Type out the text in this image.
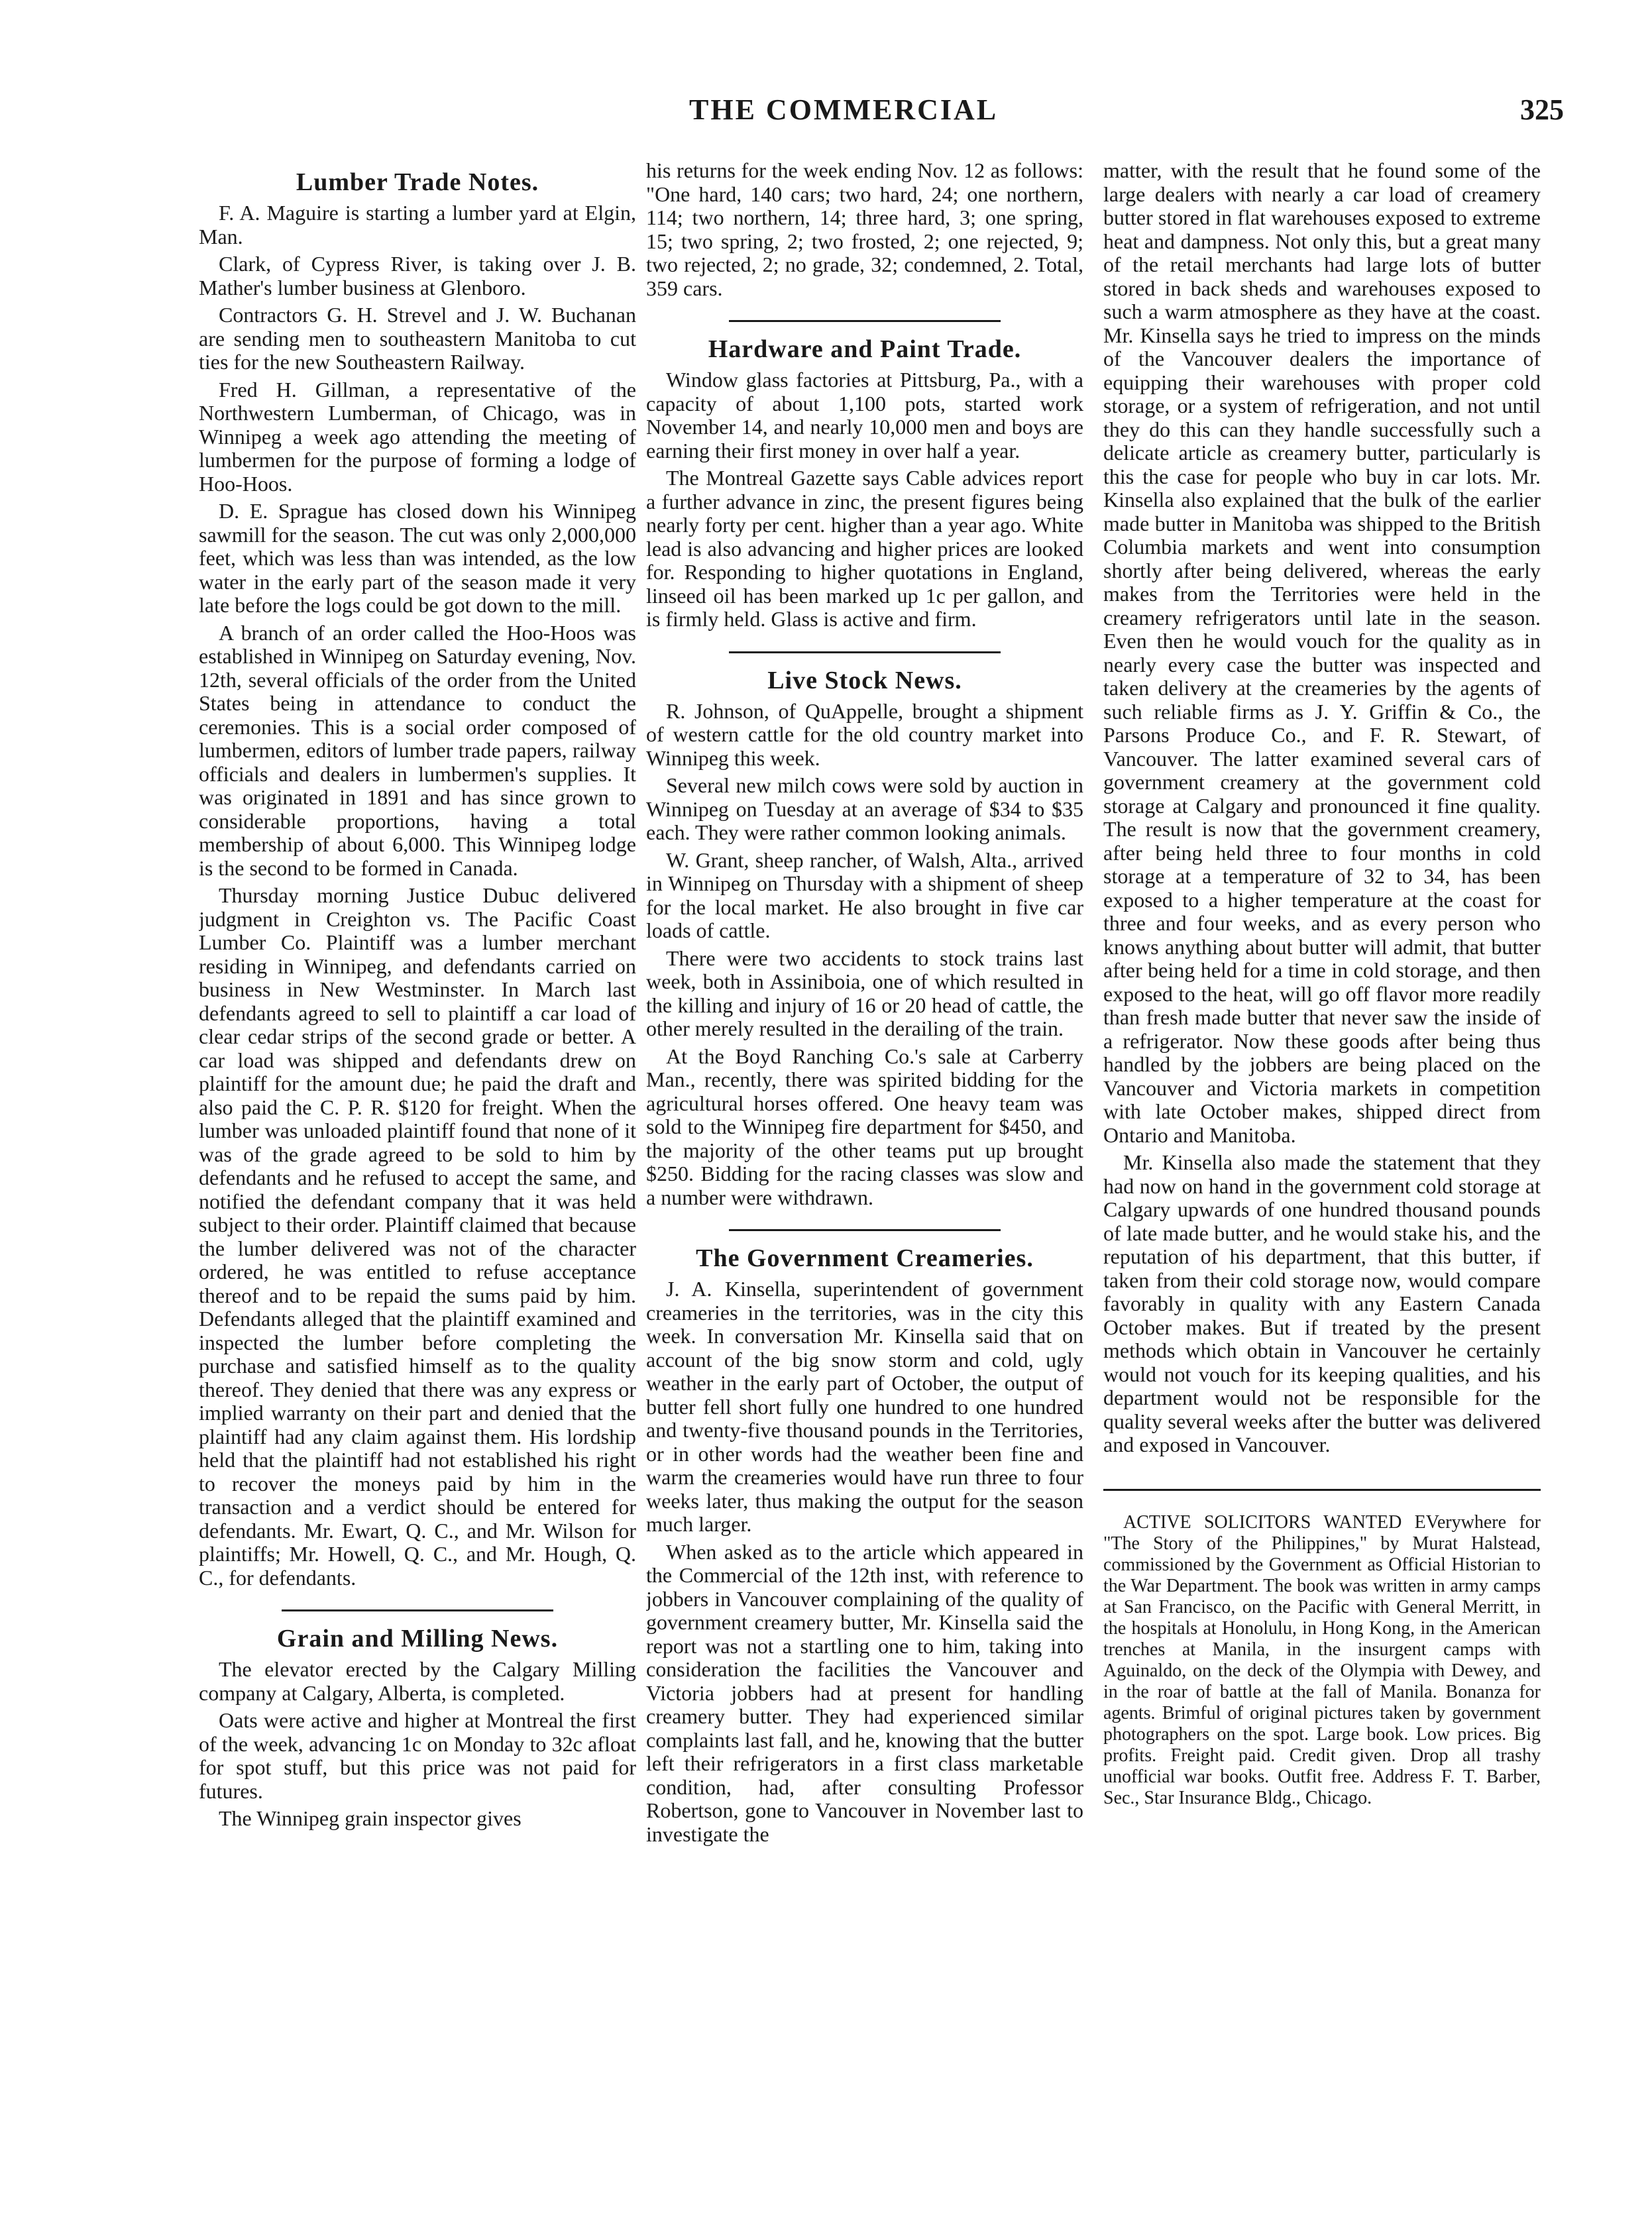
THE COMMERCIAL	325
Lumber Trade Notes.

F. A. Maguire is starting a lumber yard at Elgin, Man.

Clark, of Cypress River, is taking over J. B. Mather's lumber business at Glenboro.

Contractors G. H. Strevel and J. W. Buchanan are sending men to southeastern Manitoba to cut ties for the new Southeastern Railway.

Fred H. Gillman, a representative of the Northwestern Lumberman, of Chicago, was in Winnipeg a week ago attending the meeting of lumbermen for the purpose of forming a lodge of Hoo-Hoos.

D. E. Sprague has closed down his Winnipeg sawmill for the season. The cut was only 2,000,000 feet, which was less than was intended, as the low water in the early part of the season made it very late before the logs could be got down to the mill.

A branch of an order called the Hoo-Hoos was established in Winnipeg on Saturday evening, Nov. 12th, several officials of the order from the United States being in attendance to conduct the ceremonies. This is a social order composed of lumbermen, editors of lumber trade papers, railway officials and dealers in lumbermen's supplies. It was originated in 1891 and has since grown to considerable proportions, having a total membership of about 6,000. This Winnipeg lodge is the second to be formed in Canada.

Thursday morning Justice Dubuc delivered judgment in Creighton vs. The Pacific Coast Lumber Co. Plaintiff was a lumber merchant residing in Winnipeg, and defendants carried on business in New Westminster. In March last defendants agreed to sell to plaintiff a car load of clear cedar strips of the second grade or better. A car load was shipped and defendants drew on plaintiff for the amount due; he paid the draft and also paid the C. P. R. $120 for freight. When the lumber was unloaded plaintiff found that none of it was of the grade agreed to be sold to him by defendants and he refused to accept the same, and notified the defendant company that it was held subject to their order. Plaintiff claimed that because the lumber delivered was not of the character ordered, he was entitled to refuse acceptance thereof and to be repaid the sums paid by him. Defendants alleged that the plaintiff examined and inspected the lumber before completing the purchase and satisfied himself as to the quality thereof. They denied that there was any express or implied warranty on their part and denied that the plaintiff had any claim against them. His lordship held that the plaintiff had not established his right to recover the moneys paid by him in the transaction and a verdict should be entered for defendants. Mr. Ewart, Q. C., and Mr. Wilson for plaintiffs; Mr. Howell, Q. C., and Mr. Hough, Q. C., for defendants.

Grain and Milling News.

The elevator erected by the Calgary Milling company at Calgary, Alberta, is completed.

Oats were active and higher at Montreal the first of the week, advancing 1c on Monday to 32c afloat for spot stuff, but this price was not paid for futures.

The Winnipeg grain inspector gives

his returns for the week ending Nov. 12 as follows: "One hard, 140 cars; two hard, 24; one northern, 114; two northern, 14; three hard, 3; one spring, 15; two spring, 2; two frosted, 2; one rejected, 9; two rejected, 2; no grade, 32; condemned, 2. Total, 359 cars.

Hardware and Paint Trade.

Window glass factories at Pittsburg, Pa., with a capacity of about 1,100 pots, started work November 14, and nearly 10,000 men and boys are earning their first money in over half a year.

The Montreal Gazette says Cable advices report a further advance in zinc, the present figures being nearly forty per cent. higher than a year ago. White lead is also advancing and higher prices are looked for. Responding to higher quotations in England, linseed oil has been marked up 1c per gallon, and is firmly held. Glass is active and firm.

Live Stock News.

R. Johnson, of QuAppelle, brought a shipment of western cattle for the old country market into Winnipeg this week.

Several new milch cows were sold by auction in Winnipeg on Tuesday at an average of $34 to $35 each. They were rather common looking animals.

W. Grant, sheep rancher, of Walsh, Alta., arrived in Winnipeg on Thursday with a shipment of sheep for the local market. He also brought in five car loads of cattle.

There were two accidents to stock trains last week, both in Assiniboia, one of which resulted in the killing and injury of 16 or 20 head of cattle, the other merely resulted in the derailing of the train.

At the Boyd Ranching Co.'s sale at Carberry Man., recently, there was spirited bidding for the agricultural horses offered. One heavy team was sold to the Winnipeg fire department for $450, and the majority of the other teams put up brought $250. Bidding for the racing classes was slow and a number were withdrawn.

The Government Creameries.

J. A. Kinsella, superintendent of government creameries in the territories, was in the city this week. In conversation Mr. Kinsella said that on account of the big snow storm and cold, ugly weather in the early part of October, the output of butter fell short fully one hundred to one hundred and twenty-five thousand pounds in the Territories, or in other words had the weather been fine and warm the creameries would have run three to four weeks later, thus making the output for the season much larger.

When asked as to the article which appeared in the Commercial of the 12th inst, with reference to jobbers in Vancouver complaining of the quality of government creamery butter, Mr. Kinsella said the report was not a startling one to him, taking into consideration the facilities the Vancouver and Victoria jobbers had at present for handling creamery butter. They had experienced similar complaints last fall, and he, knowing that the butter left their refrigerators in a first class marketable condition, had, after consulting Professor Robertson, gone to Vancouver in November last to investigate the

matter, with the result that he found some of the large dealers with nearly a car load of creamery butter stored in flat warehouses exposed to extreme heat and dampness. Not only this, but a great many of the retail merchants had large lots of butter stored in back sheds and warehouses exposed to such a warm atmosphere as they have at the coast. Mr. Kinsella says he tried to impress on the minds of the Vancouver dealers the importance of equipping their warehouses with proper cold storage, or a system of refrigeration, and not until they do this can they handle successfully such a delicate article as creamery butter, particularly is this the case for people who buy in car lots. Mr. Kinsella also explained that the bulk of the earlier made butter in Manitoba was shipped to the British Columbia markets and went into consumption shortly after being delivered, whereas the early makes from the Territories were held in the creamery refrigerators until late in the season. Even then he would vouch for the quality as in nearly every case the butter was inspected and taken delivery at the creameries by the agents of such reliable firms as J. Y. Griffin & Co., the Parsons Produce Co., and F. R. Stewart, of Vancouver. The latter examined several cars of government creamery at the government cold storage at Calgary and pronounced it fine quality. The result is now that the government creamery, after being held three to four months in cold storage at a temperature of 32 to 34, has been exposed to a higher temperature at the coast for three and four weeks, and as every person who knows anything about butter will admit, that butter after being held for a time in cold storage, and then exposed to the heat, will go off flavor more readily than fresh made butter that never saw the inside of a refrigerator. Now these goods after being thus handled by the jobbers are being placed on the Vancouver and Victoria markets in competition with late October makes, shipped direct from Ontario and Manitoba.

Mr. Kinsella also made the statement that they had now on hand in the government cold storage at Calgary upwards of one hundred thousand pounds of late made butter, and he would stake his, and the reputation of his department, that this butter, if taken from their cold storage now, would compare favorably in quality with any Eastern Canada October makes. But if treated by the present methods which obtain in Vancouver he certainly would not vouch for its keeping qualities, and his department would not be responsible for the quality several weeks after the butter was delivered and exposed in Vancouver.

ACTIVE SOLICITORS WANTED EVerywhere for "The Story of the Philippines," by Murat Halstead, commissioned by the Government as Official Historian to the War Department. The book was written in army camps at San Francisco, on the Pacific with General Merritt, in the hospitals at Honolulu, in Hong Kong, in the American trenches at Manila, in the insurgent camps with Aguinaldo, on the deck of the Olympia with Dewey, and in the roar of battle at the fall of Manila. Bonanza for agents. Brimful of original pictures taken by government photographers on the spot. Large book. Low prices. Big profits. Freight paid. Credit given. Drop all trashy unofficial war books. Outfit free. Address F. T. Barber, Sec., Star Insurance Bldg., Chicago.
